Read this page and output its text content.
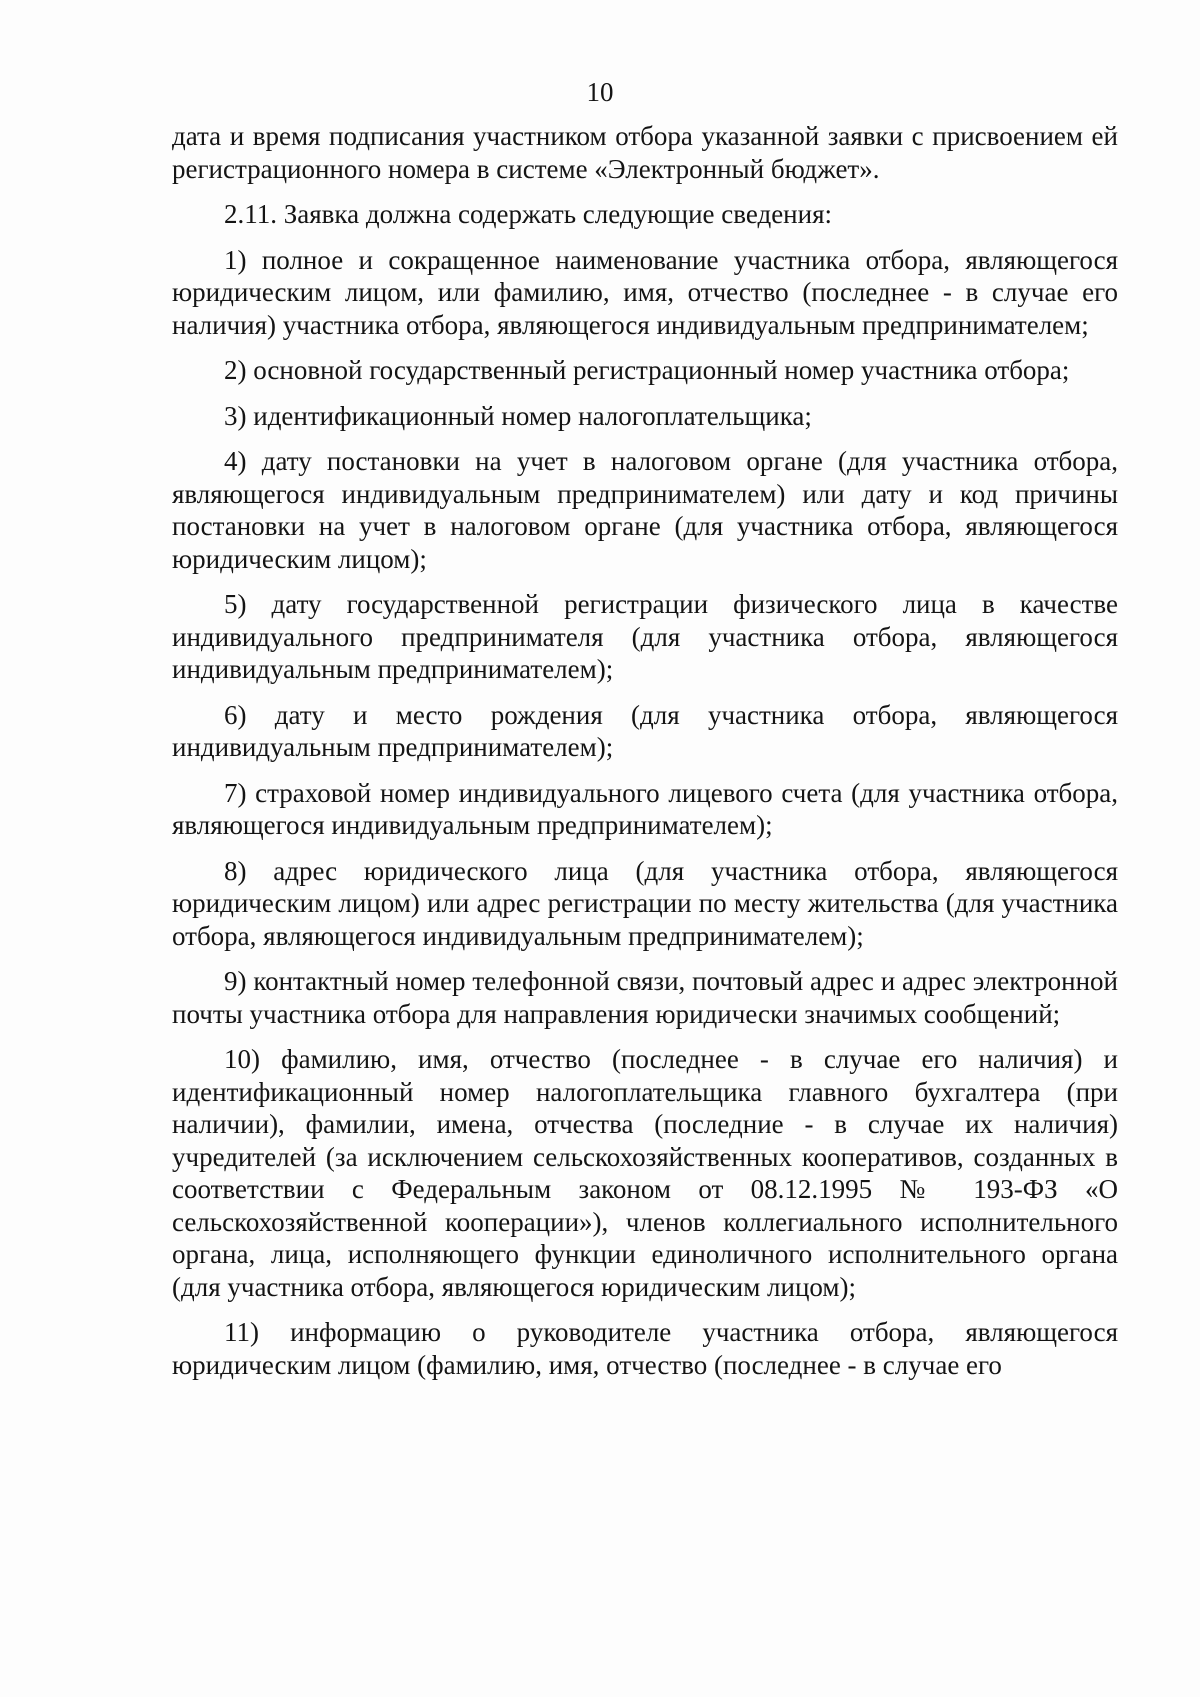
10

дата и время подписания участником отбора указанной заявки с присвоением ей регистрационного номера в системе «Электронный бюджет».

2.11. Заявка должна содержать следующие сведения:

1) полное и сокращенное наименование участника отбора, являющегося юридическим лицом, или фамилию, имя, отчество (последнее - в случае его наличия) участника отбора, являющегося индивидуальным предпринимателем;

2) основной государственный регистрационный номер участника отбора;

3) идентификационный номер налогоплательщика;

4) дату постановки на учет в налоговом органе (для участника отбора, являющегося индивидуальным предпринимателем) или дату и код причины постановки на учет в налоговом органе (для участника отбора, являющегося юридическим лицом);

5) дату государственной регистрации физического лица в качестве индивидуального предпринимателя (для участника отбора, являющегося индивидуальным предпринимателем);

6) дату и место рождения (для участника отбора, являющегося индивидуальным предпринимателем);

7) страховой номер индивидуального лицевого счета (для участника отбора, являющегося индивидуальным предпринимателем);

8) адрес юридического лица (для участника отбора, являющегося юридическим лицом) или адрес регистрации по месту жительства (для участника отбора, являющегося индивидуальным предпринимателем);

9) контактный номер телефонной связи, почтовый адрес и адрес электронной почты участника отбора для направления юридически значимых сообщений;

10) фамилию, имя, отчество (последнее - в случае его наличия) и идентификационный номер налогоплательщика главного бухгалтера (при наличии), фамилии, имена, отчества (последние - в случае их наличия) учредителей (за исключением сельскохозяйственных кооперативов, созданных в соответствии с Федеральным законом от 08.12.1995 № 193-ФЗ «О сельскохозяйственной кооперации»), членов коллегиального исполнительного органа, лица, исполняющего функции единоличного исполнительного органа (для участника отбора, являющегося юридическим лицом);

11) информацию о руководителе участника отбора, являющегося юридическим лицом (фамилию, имя, отчество (последнее - в случае его
